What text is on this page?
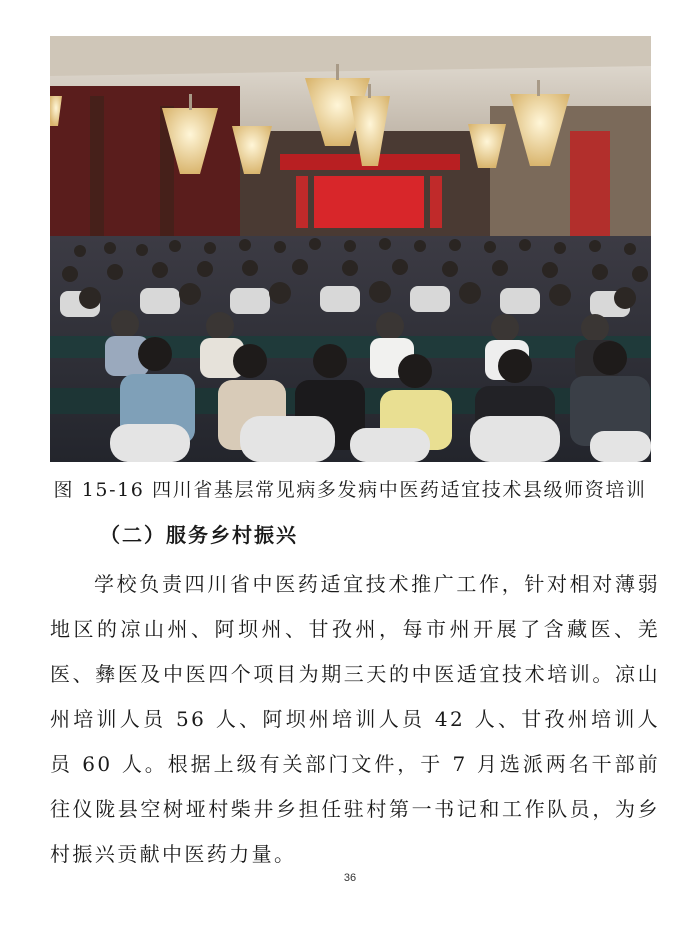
图 15-16 四川省基层常见病多发病中医药适宜技术县级师资培训
（二）服务乡村振兴

学校负责四川省中医药适宜技术推广工作，针对相对薄弱地区的凉山州、阿坝州、甘孜州，每市州开展了含藏医、羌医、彝医及中医四个项目为期三天的中医适宜技术培训。凉山州培训人员 56 人、阿坝州培训人员 42 人、甘孜州培训人员 60 人。根据上级有关部门文件，于 7 月选派两名干部前往仪陇县空树垭村柴井乡担任驻村第一书记和工作队员，为乡村振兴贡献中医药力量。

36
